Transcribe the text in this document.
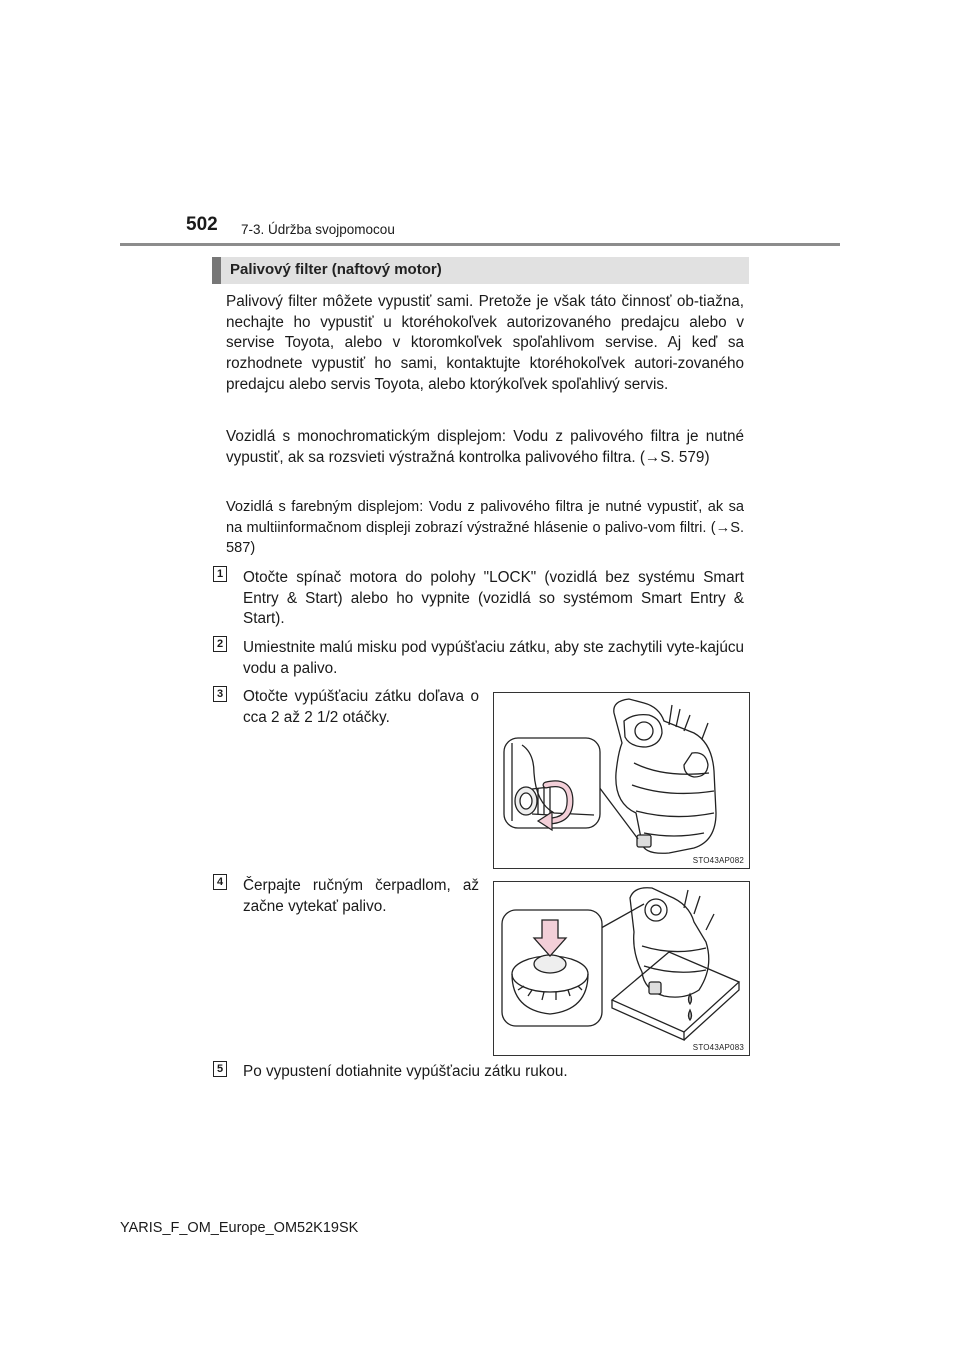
502 7-3. Údržba svojpomocou
Palivový filter (naftový motor)

Palivový filter môžete vypustiť sami. Pretože je však táto činnosť ob-tiažna, nechajte ho vypustiť u ktoréhokoľvek autorizovaného predajcu alebo v servise Toyota, alebo v ktoromkoľvek spoľahlivom servise. Aj keď sa rozhodnete vypustiť ho sami, kontaktujte ktoréhokoľvek autori-zovaného predajcu alebo servis Toyota, alebo ktorýkoľvek spoľahlivý servis.

Vozidlá s monochromatickým displejom: Vodu z palivového filtra je nutné vypustiť, ak sa rozsvieti výstražná kontrolka palivového filtra. (→S. 579)

Vozidlá s farebným displejom: Vodu z palivového filtra je nutné vypustiť, ak sa na multiinformačnom displeji zobrazí výstražné hlásenie o palivo-vom filtri. (→S. 587)

1 Otočte spínač motora do polohy "LOCK" (vozidlá bez systému Smart Entry & Start) alebo ho vypnite (vozidlá so systémom Smart Entry & Start).

2 Umiestnite malú misku pod vypúšťaciu zátku, aby ste zachytili vyte-kajúcu vodu a palivo.

3 Otočte vypúšťaciu zátku doľava o cca 2 až 2 1/2 otáčky.

STO43AP082
4 Čerpajte ručným čerpadlom, až začne vytekať palivo.

STO43AP083
5 Po vypustení dotiahnite vypúšťaciu zátku rukou.

YARIS_F_OM_Europe_OM52K19SK
